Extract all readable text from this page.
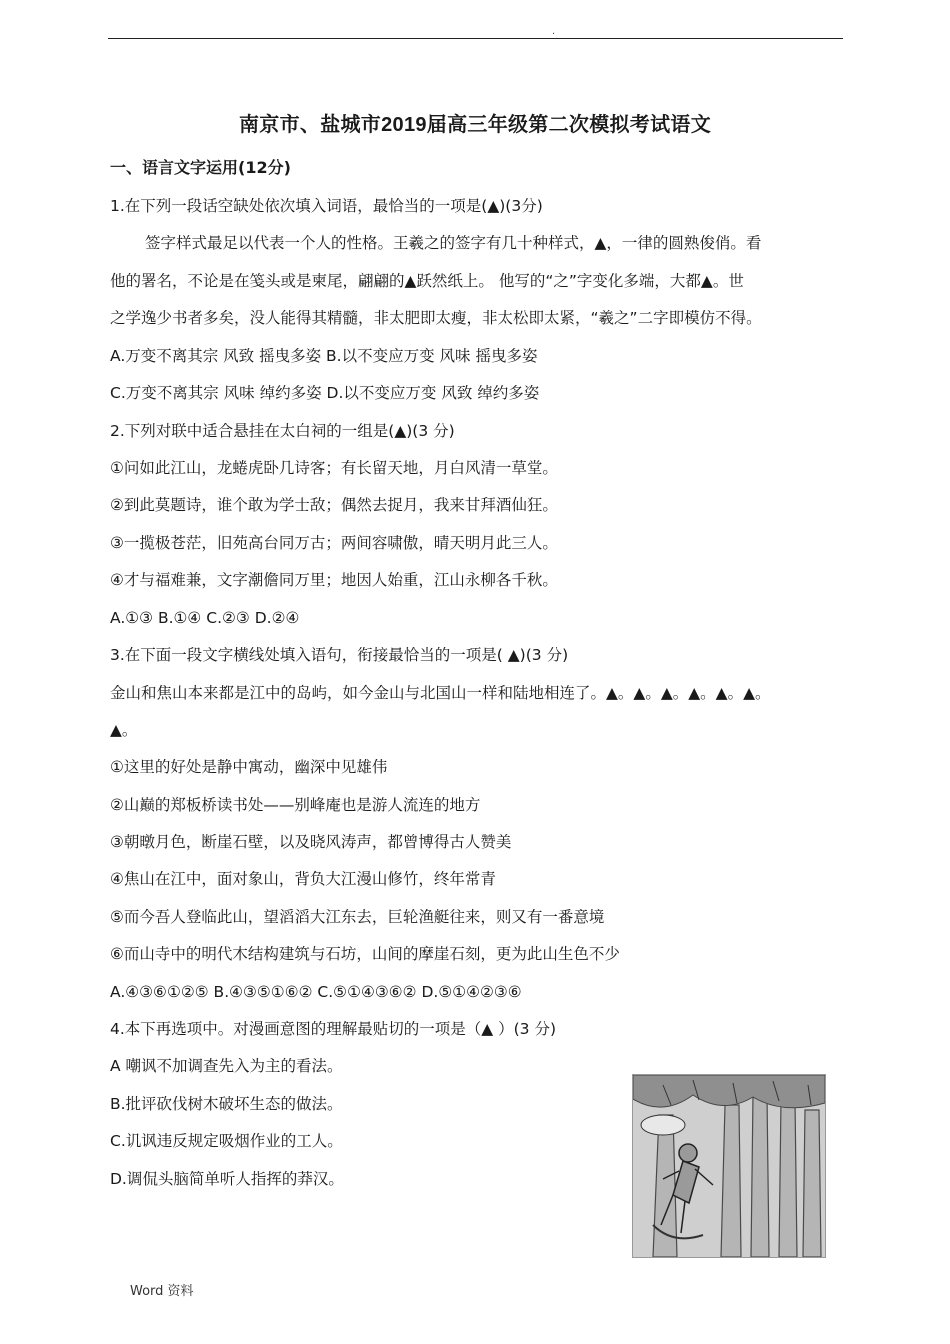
.
南京市、盐城市2019届高三年级第二次模拟考试语文
一、语言文字运用(12分)
1.在下列一段话空缺处依次填入词语，最恰当的一项是(▲)(3分)
签字样式最足以代表一个人的性格。王羲之的签字有几十种样式，▲，一律的圆熟俊俏。看
他的署名，不论是在笺头或是柬尾，翩翩的▲跃然纸上。 他写的“之”字变化多端，大都▲。世
之学逸少书者多矣，没人能得其精髓，非太肥即太瘦，非太松即太紧，“羲之”二字即模仿不得。
A.万变不离其宗 风致 摇曳多姿 B.以不变应万变 风味 摇曳多姿
C.万变不离其宗 风味 绰约多姿 D.以不变应万变 风致 绰约多姿
2.下列对联中适合悬挂在太白祠的一组是(▲)(3 分)
①问如此江山，龙蜷虎卧几诗客；有长留天地，月白风清一草堂。
②到此莫题诗，谁个敢为学士敌；偶然去捉月，我来甘拜酒仙狂。
③一揽极苍茫，旧苑高台同万古；两间容啸傲，晴天明月此三人。
④才与福难兼，文字潮儋同万里；地因人始重，江山永柳各千秋。
A.①③ B.①④ C.②③ D.②④
3.在下面一段文字横线处填入语句，衔接最恰当的一项是( ▲)(3 分)
金山和焦山本来都是江中的岛屿，如今金山与北国山一样和陆地相连了。▲。▲。▲。▲。▲。▲。
▲。
①这里的好处是静中寓动，幽深中见雄伟
②山巅的郑板桥读书处——别峰庵也是游人流连的地方
③朝暾月色，断崖石壁，以及晓风涛声，都曾博得古人赞美
④焦山在江中，面对象山，背负大江漫山修竹，终年常青
⑤而今吾人登临此山，望滔滔大江东去，巨轮渔艇往来，则又有一番意境
⑥而山寺中的明代木结构建筑与石坊，山间的摩崖石刻，更为此山生色不少
A.④③⑥①②⑤ B.④③⑤①⑥② C.⑤①④③⑥② D.⑤①④②③⑥
4.本下再选项中。对漫画意图的理解最贴切的一项是（▲ ）(3 分)
A 嘲讽不加调查先入为主的看法。
B.批评砍伐树木破坏生态的做法。
C.讥讽违反规定吸烟作业的工人。
D.调侃头脑简单听人指挥的莽汉。
Word 资料
